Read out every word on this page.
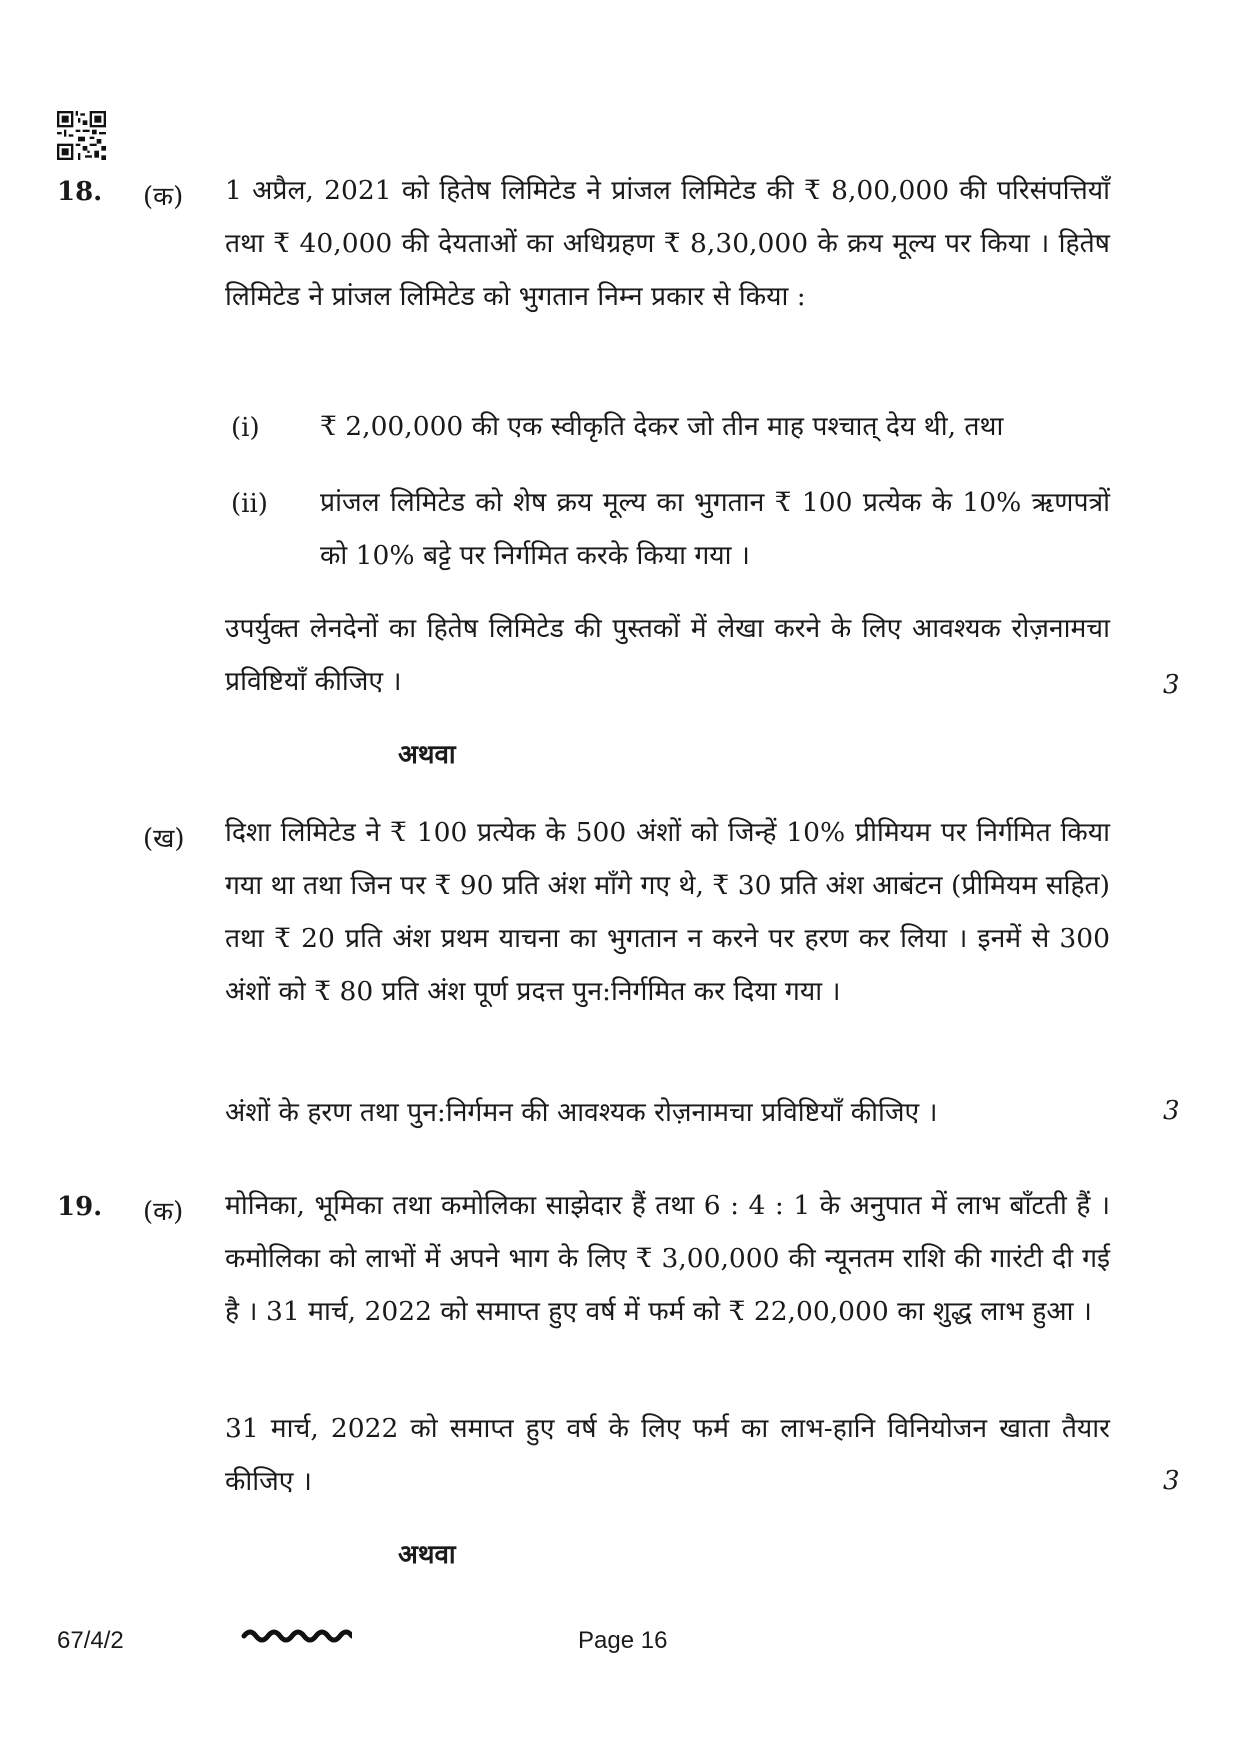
18. (क) 1 अप्रैल, 2021 को हितेष लिमिटेड ने प्रांजल लिमिटेड की ₹ 8,00,000 की परिसंपत्तियाँ तथा ₹ 40,000 की देयताओं का अधिग्रहण ₹ 8,30,000 के क्रय मूल्य पर किया । हितेष लिमिटेड ने प्रांजल लिमिटेड को भुगतान निम्न प्रकार से किया :
(i) ₹ 2,00,000 की एक स्वीकृति देकर जो तीन माह पश्चात् देय थी, तथा
(ii) प्रांजल लिमिटेड को शेष क्रय मूल्य का भुगतान ₹ 100 प्रत्येक के 10% ऋणपत्रों को 10% बट्टे पर निर्गमित करके किया गया ।
उपर्युक्त लेनदेनों का हितेष लिमिटेड की पुस्तकों में लेखा करने के लिए आवश्यक रोज़नामचा प्रविष्टियाँ कीजिए ।	3
अथवा
(ख) दिशा लिमिटेड ने ₹ 100 प्रत्येक के 500 अंशों को जिन्हें 10% प्रीमियम पर निर्गमित किया गया था तथा जिन पर ₹ 90 प्रति अंश माँगे गए थे, ₹ 30 प्रति अंश आबंटन (प्रीमियम सहित) तथा ₹ 20 प्रति अंश प्रथम याचना का भुगतान न करने पर हरण कर लिया । इनमें से 300 अंशों को ₹ 80 प्रति अंश पूर्ण प्रदत्त पुन:निर्गमित कर दिया गया ।
अंशों के हरण तथा पुन:निर्गमन की आवश्यक रोज़नामचा प्रविष्टियाँ कीजिए ।	3
19. (क) मोनिका, भूमिका तथा कमोलिका साझेदार हैं तथा 6 : 4 : 1 के अनुपात में लाभ बाँटती हैं । कमोलिका को लाभों में अपने भाग के लिए ₹ 3,00,000 की न्यूनतम राशि की गारंटी दी गई है । 31 मार्च, 2022 को समाप्त हुए वर्ष में फर्म को ₹ 22,00,000 का शुद्ध लाभ हुआ ।
31 मार्च, 2022 को समाप्त हुए वर्ष के लिए फर्म का लाभ-हानि विनियोजन खाता तैयार कीजिए ।	3
अथवा
67/4/2	Page 16
